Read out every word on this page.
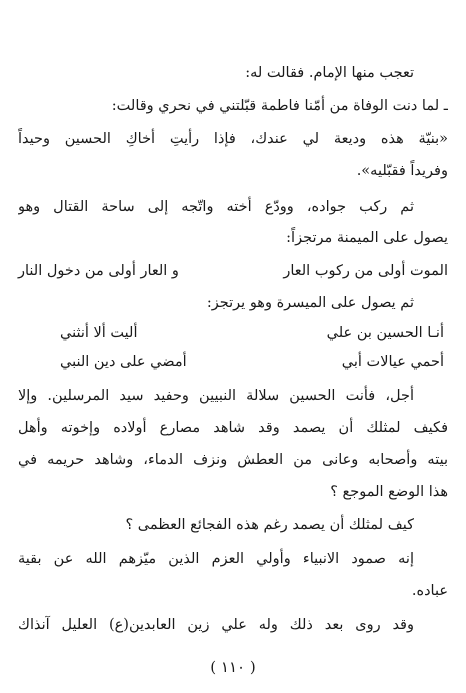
تعجب منها الإمام. فقالت له:
ـ لما دنت الوفاة من أمّنا فاطمة قبّلتني في نحري وقالت:
«بنيّة هذه وديعة لي عندك، فإذا رأيتِ أخاكِ الحسين وحيداً
وفريداً فقبّليه».
ثم ركب جواده، وودّع أخته واتّجه إلى ساحة القتال وهو
يصول على الميمنة مرتجزاً:
الموت أولى من ركوب العار
و العار أولى من دخول النار
ثم يصول على الميسرة وهو يرتجز:
أنـا الحسين بن علي
أليت ألا أنثني
أحمي عيالات أبي
أمضي على دين النبي
أجل، فأنت الحسين سلالة النبيين وحفيد سيد المرسلين. وإلا
فكيف لمثلك أن يصمد وقد شاهد مصارع أولاده وإخوته وأهل
بيته وأصحابه وعانى من العطش ونزف الدماء، وشاهد حريمه في
هذا الوضع الموجع ؟
كيف لمثلك أن يصمد رغم هذه الفجائع العظمى ؟
إنه صمود الانبياء وأولي العزم الذين ميّزهم الله عن بقية
عباده.
وقد روى بعد ذلك وله علي زين العابدين(ع) العليل آنذاك
( ١١٠ )
